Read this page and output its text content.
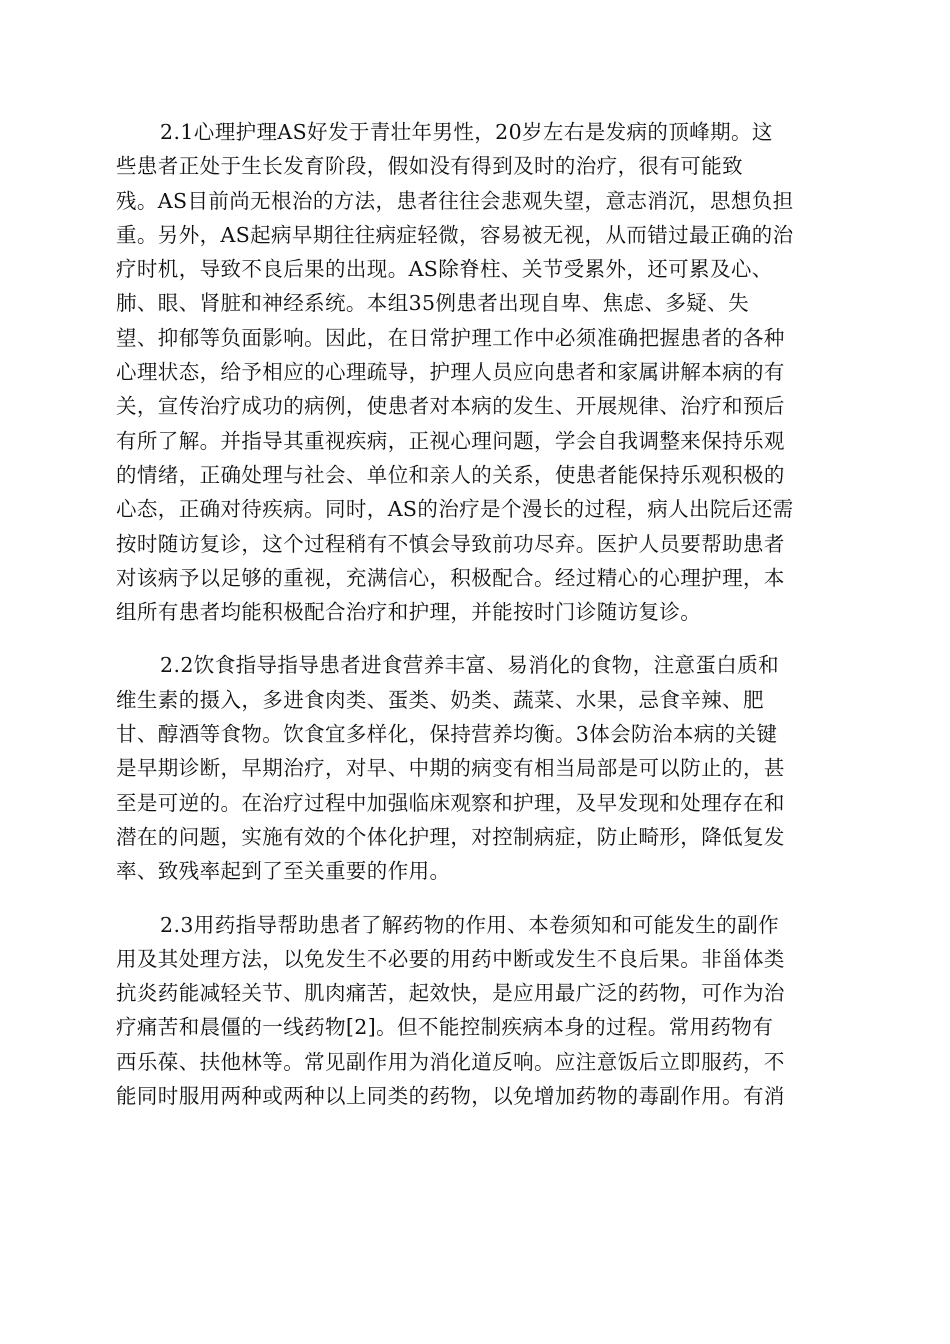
2.1心理护理AS好发于青壮年男性，20岁左右是发病的顶峰期。这
些患者正处于生长发育阶段，假如没有得到及时的治疗，很有可能致
残。AS目前尚无根治的方法，患者往往会悲观失望，意志消沉，思想负担
重。另外，AS起病早期往往病症轻微，容易被无视，从而错过最正确的治
疗时机，导致不良后果的出现。AS除脊柱、关节受累外，还可累及心、
肺、眼、肾脏和神经系统。本组35例患者出现自卑、焦虑、多疑、失
望、抑郁等负面影响。因此，在日常护理工作中必须准确把握患者的各种
心理状态，给予相应的心理疏导，护理人员应向患者和家属讲解本病的有
关，宣传治疗成功的病例，使患者对本病的发生、开展规律、治疗和预后
有所了解。并指导其重视疾病，正视心理问题，学会自我调整来保持乐观
的情绪，正确处理与社会、单位和亲人的关系，使患者能保持乐观积极的
心态，正确对待疾病。同时，AS的治疗是个漫长的过程，病人出院后还需
按时随访复诊，这个过程稍有不慎会导致前功尽弃。医护人员要帮助患者
对该病予以足够的重视，充满信心，积极配合。经过精心的心理护理，本
组所有患者均能积极配合治疗和护理，并能按时门诊随访复诊。
2.2饮食指导指导患者进食营养丰富、易消化的食物，注意蛋白质和
维生素的摄入，多进食肉类、蛋类、奶类、蔬菜、水果，忌食辛辣、肥
甘、醇酒等食物。饮食宜多样化，保持营养均衡。3体会防治本病的关键
是早期诊断，早期治疗，对早、中期的病变有相当局部是可以防止的，甚
至是可逆的。在治疗过程中加强临床观察和护理，及早发现和处理存在和
潜在的问题，实施有效的个体化护理，对控制病症，防止畸形，降低复发
率、致残率起到了至关重要的作用。
2.3用药指导帮助患者了解药物的作用、本卷须知和可能发生的副作
用及其处理方法，以免发生不必要的用药中断或发生不良后果。非甾体类
抗炎药能减轻关节、肌肉痛苦，起效快，是应用最广泛的药物，可作为治
疗痛苦和晨僵的一线药物[2]。但不能控制疾病本身的过程。常用药物有
西乐葆、扶他林等。常见副作用为消化道反响。应注意饭后立即服药，不
能同时服用两种或两种以上同类的药物，以免增加药物的毒副作用。有消
